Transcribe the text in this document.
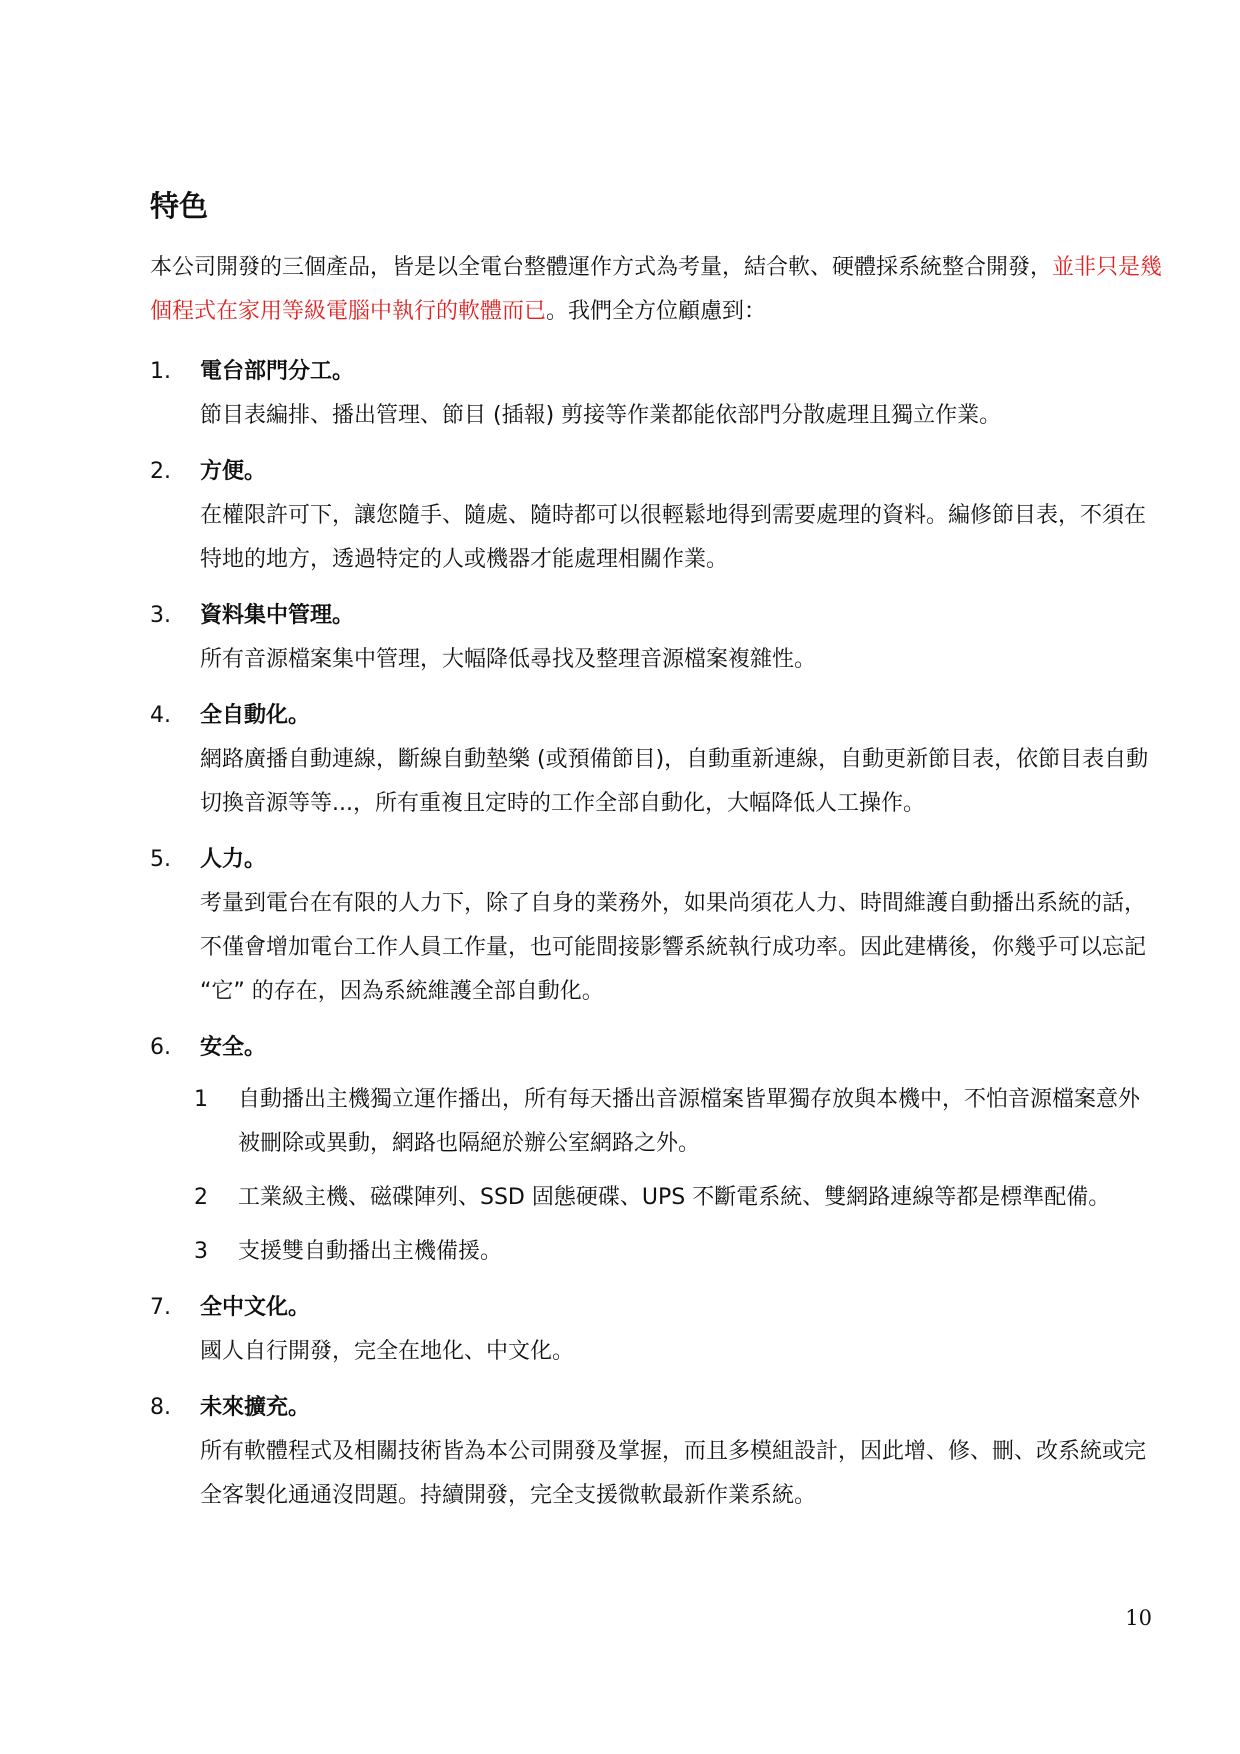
特色
本公司開發的三個產品，皆是以全電台整體運作方式為考量，結合軟、硬體採系統整合開發，並非只是幾個程式在家用等級電腦中執行的軟體而已。我們全方位顧慮到：
1. 電台部門分工。
節目表編排、播出管理、節目 (插報) 剪接等作業都能依部門分散處理且獨立作業。
2. 方便。
在權限許可下，讓您隨手、隨處、隨時都可以很輕鬆地得到需要處理的資料。編修節目表，不須在特地的地方，透過特定的人或機器才能處理相關作業。
3. 資料集中管理。
所有音源檔案集中管理，大幅降低尋找及整理音源檔案複雜性。
4. 全自動化。
網路廣播自動連線，斷線自動墊樂 (或預備節目)，自動重新連線，自動更新節目表，依節目表自動切換音源等等...，所有重複且定時的工作全部自動化，大幅降低人工操作。
5. 人力。
考量到電台在有限的人力下，除了自身的業務外，如果尚須花人力、時間維護自動播出系統的話，不僅會增加電台工作人員工作量，也可能間接影響系統執行成功率。因此建構後，你幾乎可以忘記 “它” 的存在，因為系統維護全部自動化。
6. 安全。
1 自動播出主機獨立運作播出，所有每天播出音源檔案皆單獨存放與本機中，不怕音源檔案意外被刪除或異動，網路也隔絕於辦公室網路之外。
2 工業級主機、磁碟陣列、SSD 固態硬碟、UPS 不斷電系統、雙網路連線等都是標準配備。
3 支援雙自動播出主機備援。
7. 全中文化。
國人自行開發，完全在地化、中文化。
8. 未來擴充。
所有軟體程式及相關技術皆為本公司開發及掌握，而且多模組設計，因此增、修、刪、改系統或完全客製化通通沒問題。持續開發，完全支援微軟最新作業系統。
10
